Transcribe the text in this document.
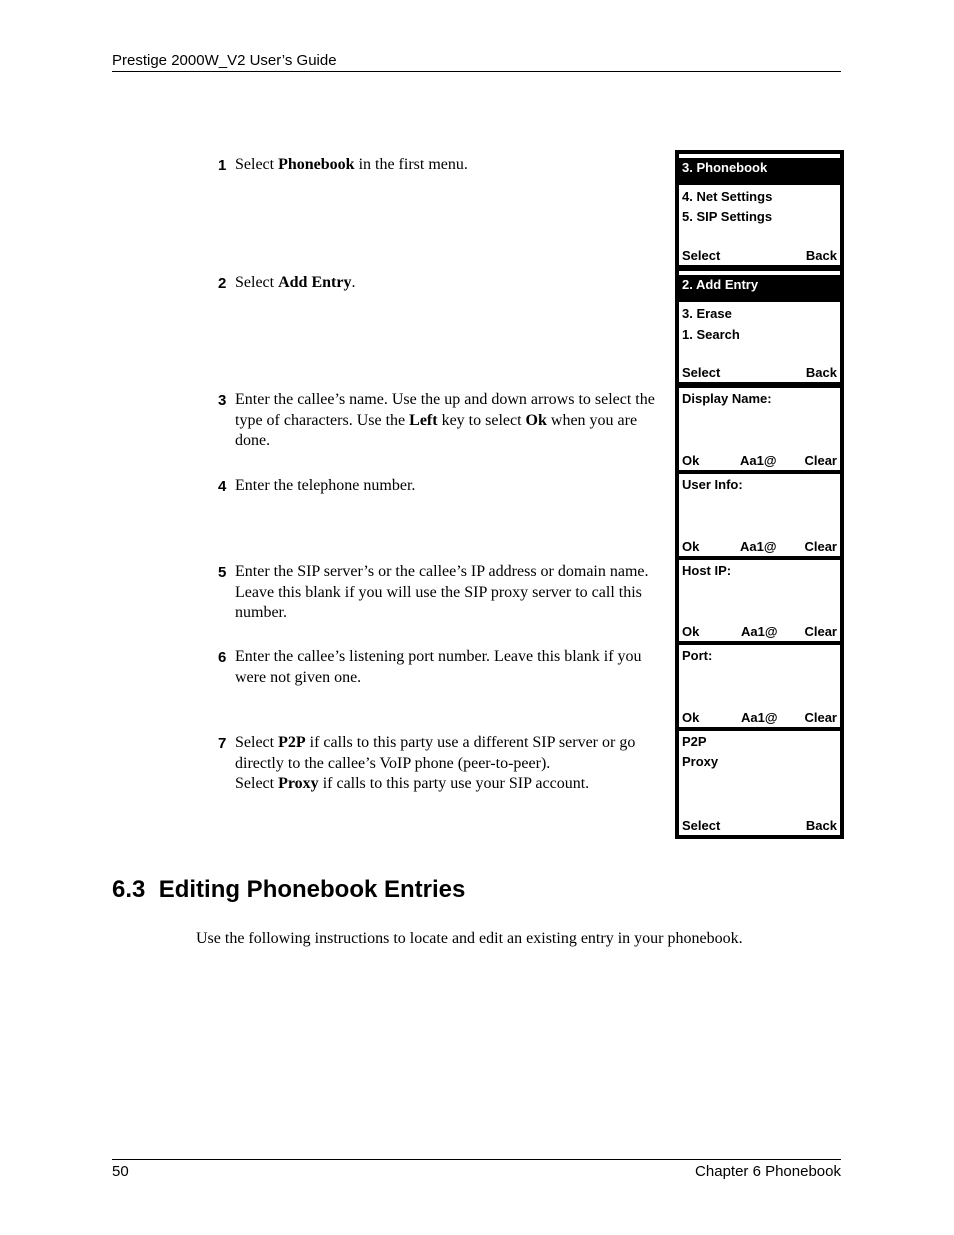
Prestige 2000W_V2 User’s Guide
1 Select Phonebook in the first menu.
2 Select Add Entry.
3 Enter the callee’s name. Use the up and down arrows to select the type of characters. Use the Left key to select Ok when you are done.
4 Enter the telephone number.
5 Enter the SIP server’s or the callee’s IP address or domain name. Leave this blank if you will use the SIP proxy server to call this number.
6 Enter the callee’s listening port number. Leave this blank if you were not given one.
7 Select P2P if calls to this party use a different SIP server or go directly to the callee’s VoIP phone (peer-to-peer).
Select Proxy if calls to this party use your SIP account.
3. Phonebook
4. Net Settings
5. SIP Settings
Select	Back
2. Add Entry
3. Erase
1. Search
Select	Back
Display Name:
Ok	Aa1@ Clear
User Info:
Ok	Aa1@ Clear
Host IP:
Ok	Aa1@ Clear
Port:
Ok	Aa1@ Clear
P2P
Proxy
Select	Back
6.3  Editing Phonebook Entries
Use the following instructions to locate and edit an existing entry in your phonebook.
50	Chapter 6 Phonebook
